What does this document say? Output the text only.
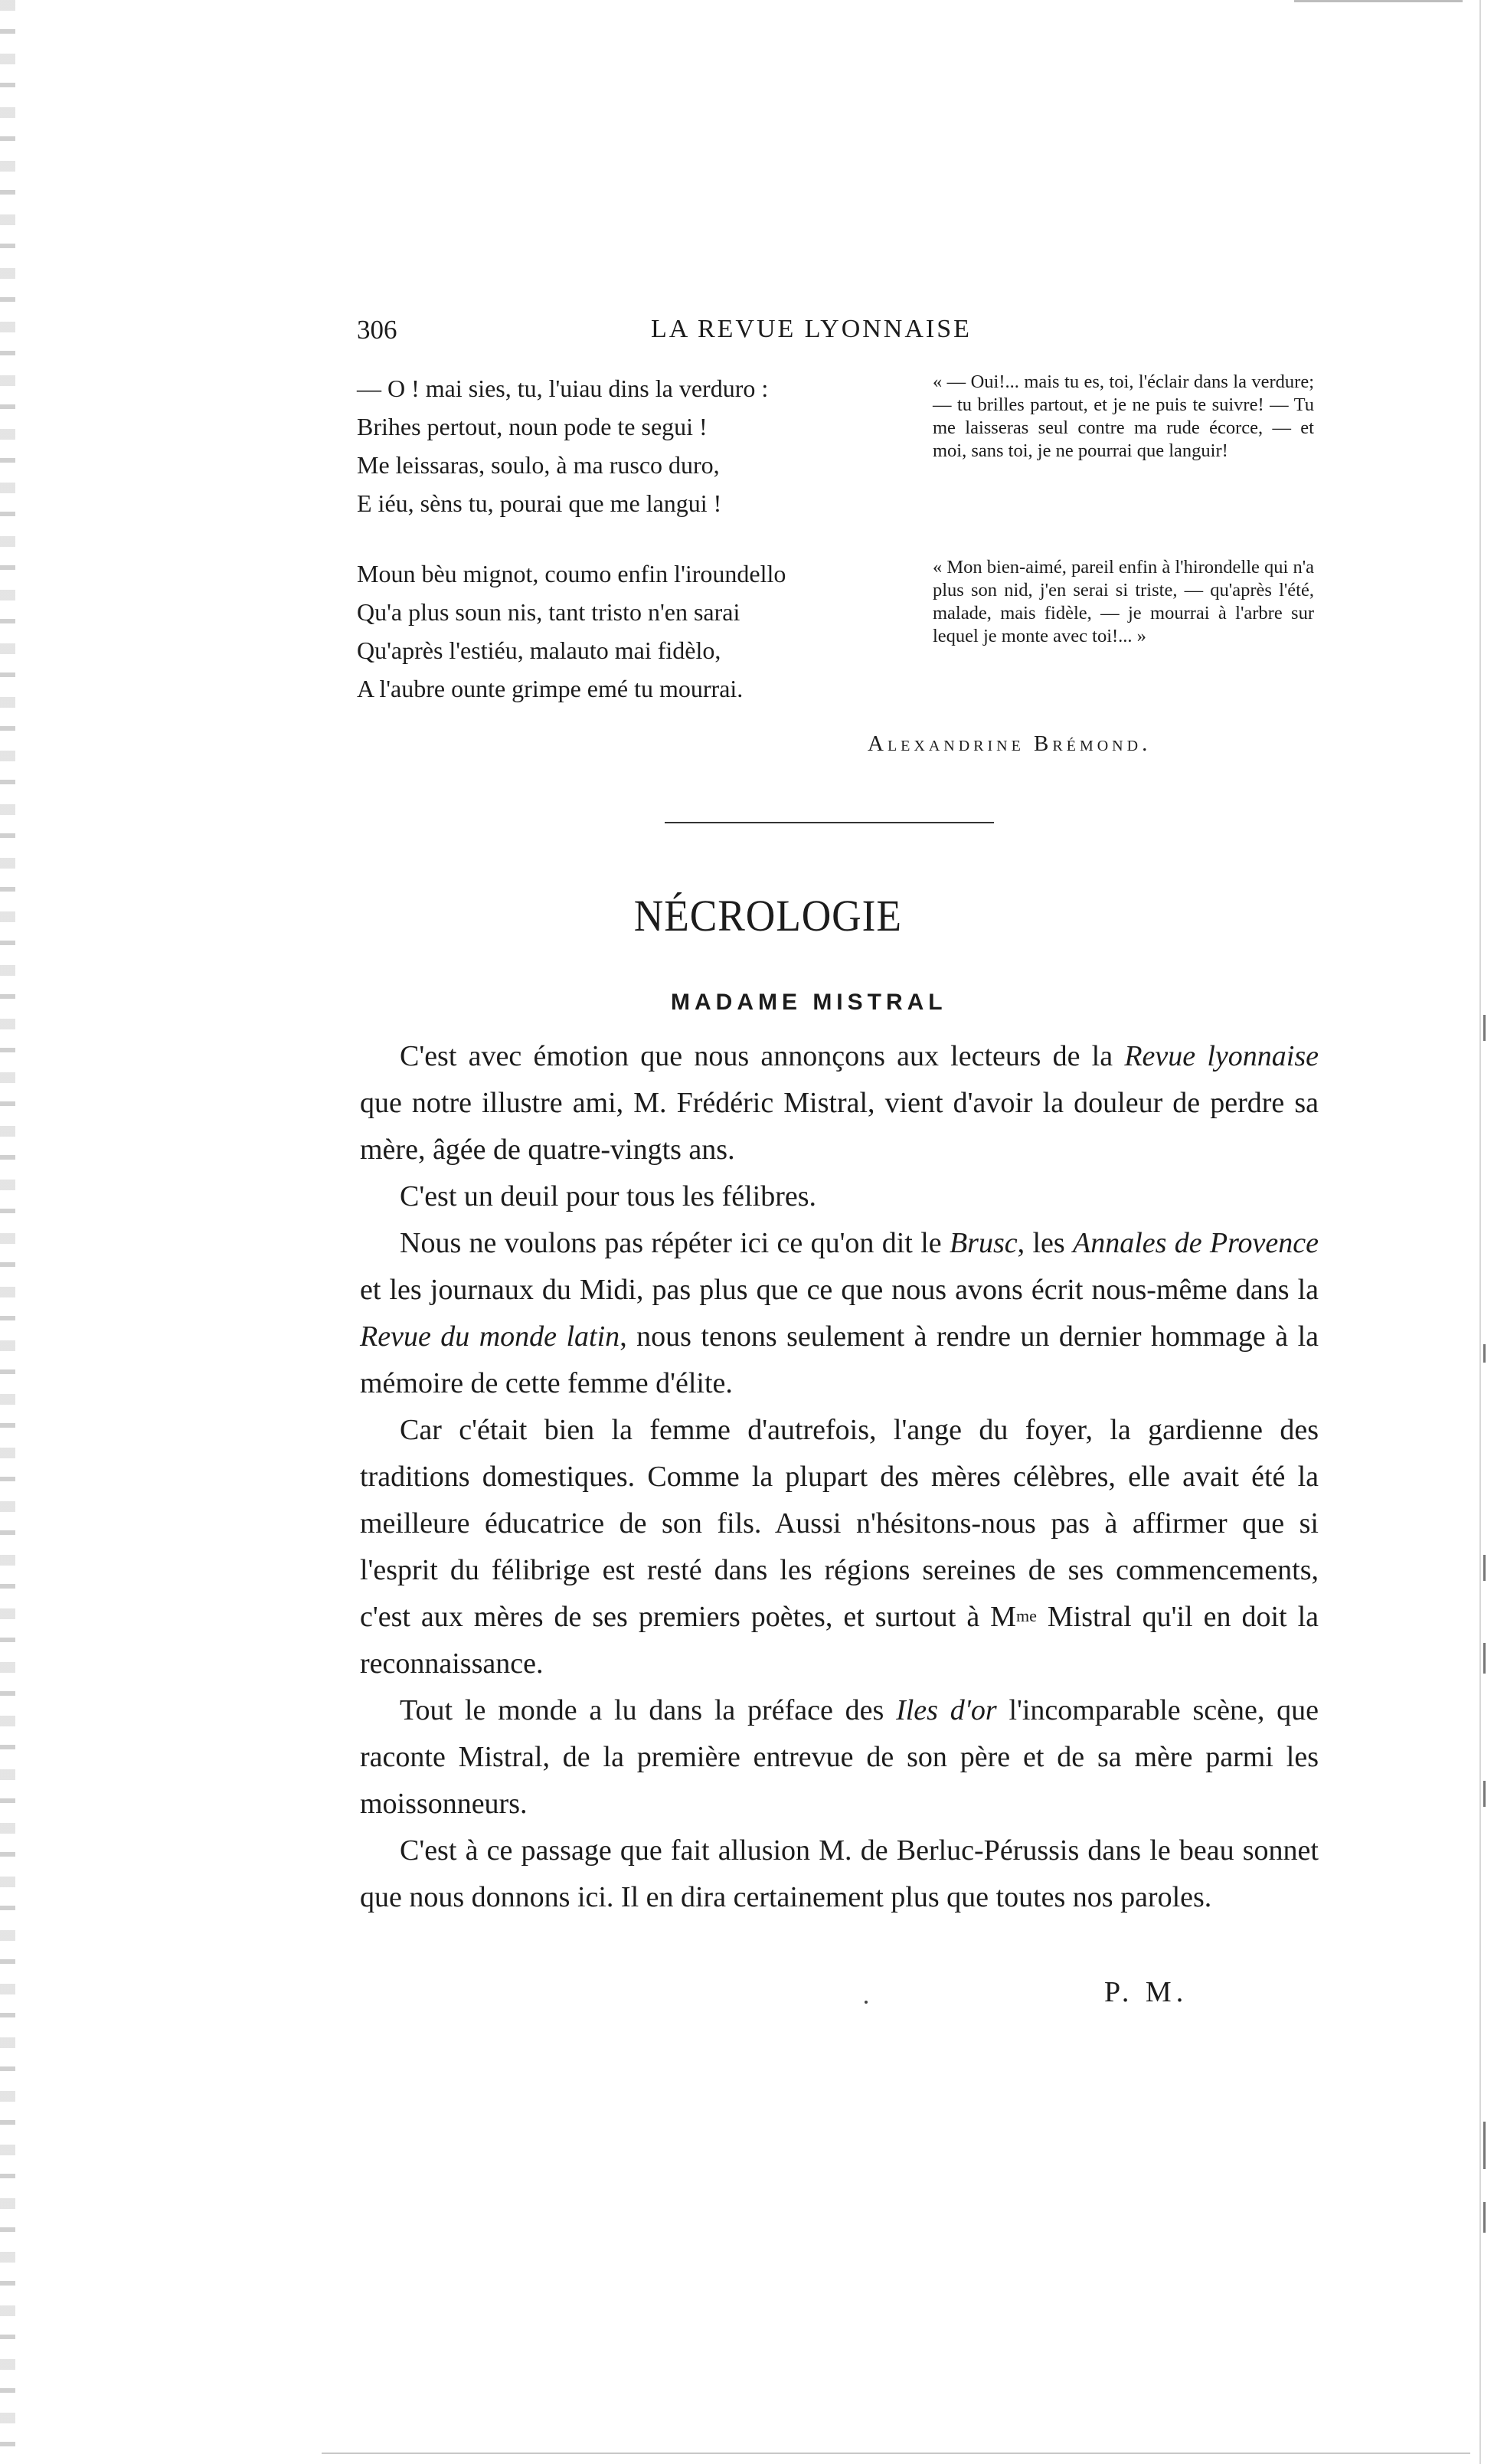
306	LA REVUE LYONNAISE

— O ! mai sies, tu, l'uiau dins la verduro :

Brihes pertout, noun pode te segui !

Me leissaras, soulo, à ma rusco duro,

E iéu, sèns tu, pourai que me langui !

Moun bèu mignot, coumo enfin l'iroundello

Qu'a plus soun nis, tant tristo n'en sarai

Qu'après l'estiéu, malauto mai fidèlo,

A l'aubre ounte grimpe emé tu mourrai.

« — Oui!... mais tu es, toi, l'éclair dans la verdure; — tu brilles partout, et je ne puis te suivre! — Tu me laisseras seul contre ma rude écorce, — et moi, sans toi, je ne pourrai que languir!
« Mon bien-aimé, pareil enfin à l'hirondelle qui n'a plus son nid, j'en serai si triste, — qu'après l'été, malade, mais fidèle, — je mourrai à l'arbre sur lequel je monte avec toi!... »
Alexandrine Brémond.
NÉCROLOGIE
MADAME MISTRAL

C'est avec émotion que nous annonçons aux lecteurs de la Revue lyonnaise que notre illustre ami, M. Frédéric Mistral, vient d'avoir la douleur de perdre sa mère, âgée de quatre-vingts ans.

C'est un deuil pour tous les félibres.

Nous ne voulons pas répéter ici ce qu'on dit le Brusc, les Annales de Provence et les journaux du Midi, pas plus que ce que nous avons écrit nous-même dans la Revue du monde latin, nous tenons seulement à rendre un dernier hommage à la mémoire de cette femme d'élite.

Car c'était bien la femme d'autrefois, l'ange du foyer, la gardienne des traditions domestiques. Comme la plupart des mères célèbres, elle avait été la meilleure éducatrice de son fils. Aussi n'hésitons-nous pas à affirmer que si l'esprit du félibrige est resté dans les régions sereines de ses commencements, c'est aux mères de ses premiers poètes, et surtout à $M^{me}$ Mistral qu'il en doit la reconnaissance.

Tout le monde a lu dans la préface des Iles d'or l'incomparable scène, que raconte Mistral, de la première entrevue de son père et de sa mère parmi les moissonneurs.

C'est à ce passage que fait allusion M. de Berluc-Pérussis dans le beau sonnet que nous donnons ici. Il en dira certainement plus que toutes nos paroles.

P. M.
